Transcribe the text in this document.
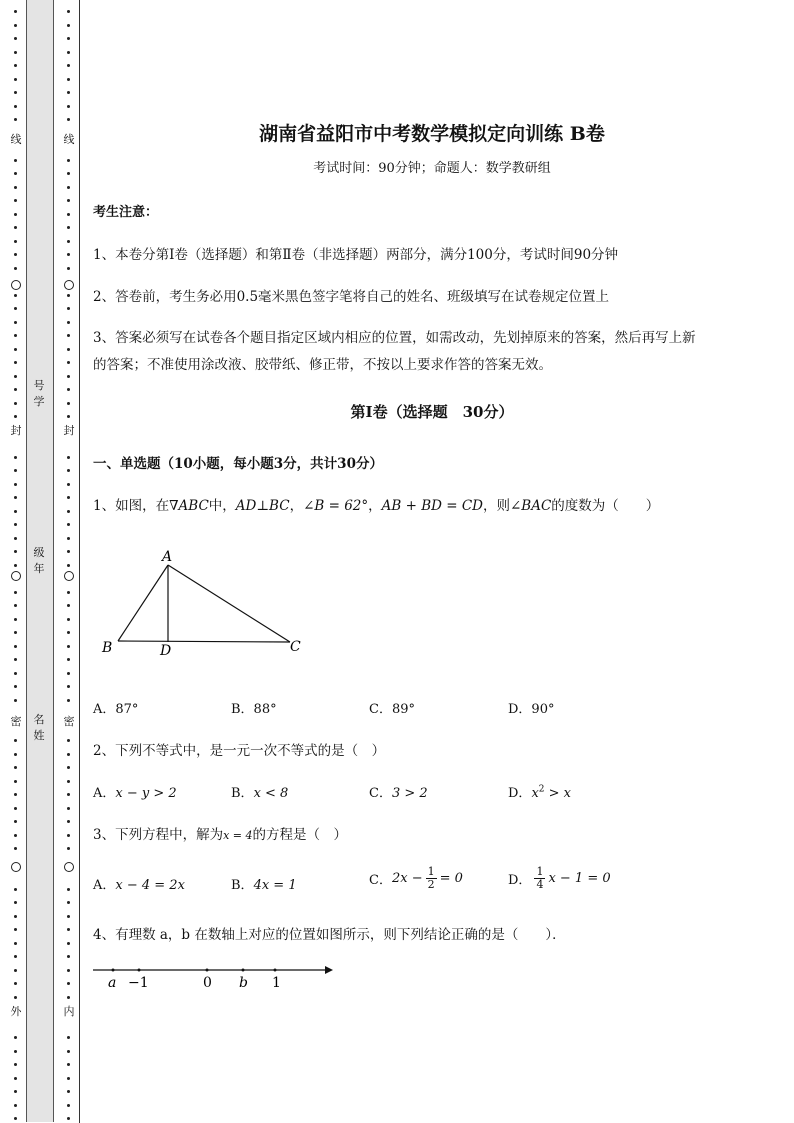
线
封
密
外
线
封
密
内
号学
级年
名姓
湖南省益阳市中考数学模拟定向训练 B卷
考试时间：90分钟；命题人：数学教研组
考生注意：
1、本卷分第Ⅰ卷（选择题）和第Ⅱ卷（非选择题）两部分，满分100分，考试时间90分钟
2、答卷前，考生务必用0.5毫米黑色签字笔将自己的姓名、班级填写在试卷规定位置上
3、答案必须写在试卷各个题目指定区域内相应的位置，如需改动，先划掉原来的答案，然后再写上新
的答案；不准使用涂改液、胶带纸、修正带，不按以上要求作答的答案无效。
第Ⅰ卷（选择题　30分）
一、单选题（10小题，每小题3分，共计30分）
1、如图，在∇ABC中，AD⊥BC，∠B = 62°，AB + BD = CD，则∠BAC的度数为（　　）
A
B	D	C
A．87°	B．88°	C．89°	D．90°
2、下列不等式中，是一元一次不等式的是（　）
A．x − y > 2	B．x < 8	C．3 > 2	D．$x^2 > x$
3、下列方程中，解为x = 4的方程是（　）
A．x − 4 = 2x	B．4x = 1	C． $2x - \frac{1}{2} = 0$	D．
1
4 x − 1 = 0
4、有理数 a，b 在数轴上对应的位置如图所示，则下列结论正确的是（　　）．
a −1	0 b 1
